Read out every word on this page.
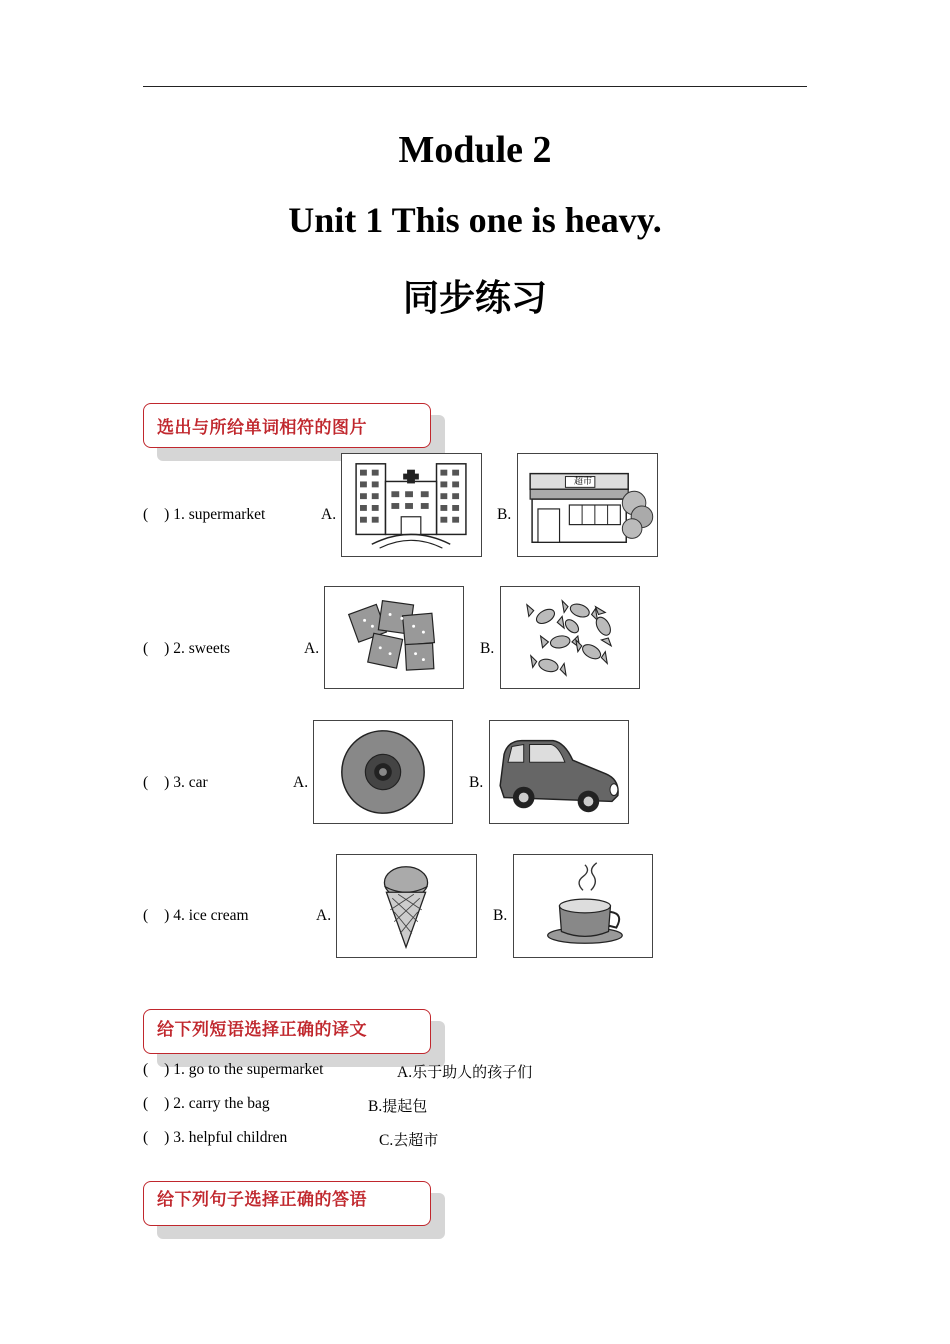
Module 2
Unit 1 This one is heavy.
同步练习
选出与所给单词相符的图片
( ) 1. supermarket	A.	B.
超市
( ) 2. sweets	A.	B.
( ) 3. car	A.	B.
( ) 4. ice cream	A.	B.
给下列短语选择正确的译文
( ) 1. go to the supermarket	A.乐于助人的孩子们
( ) 2. carry the bag	B.提起包
( ) 3. helpful children	C.去超市
给下列句子选择正确的答语
